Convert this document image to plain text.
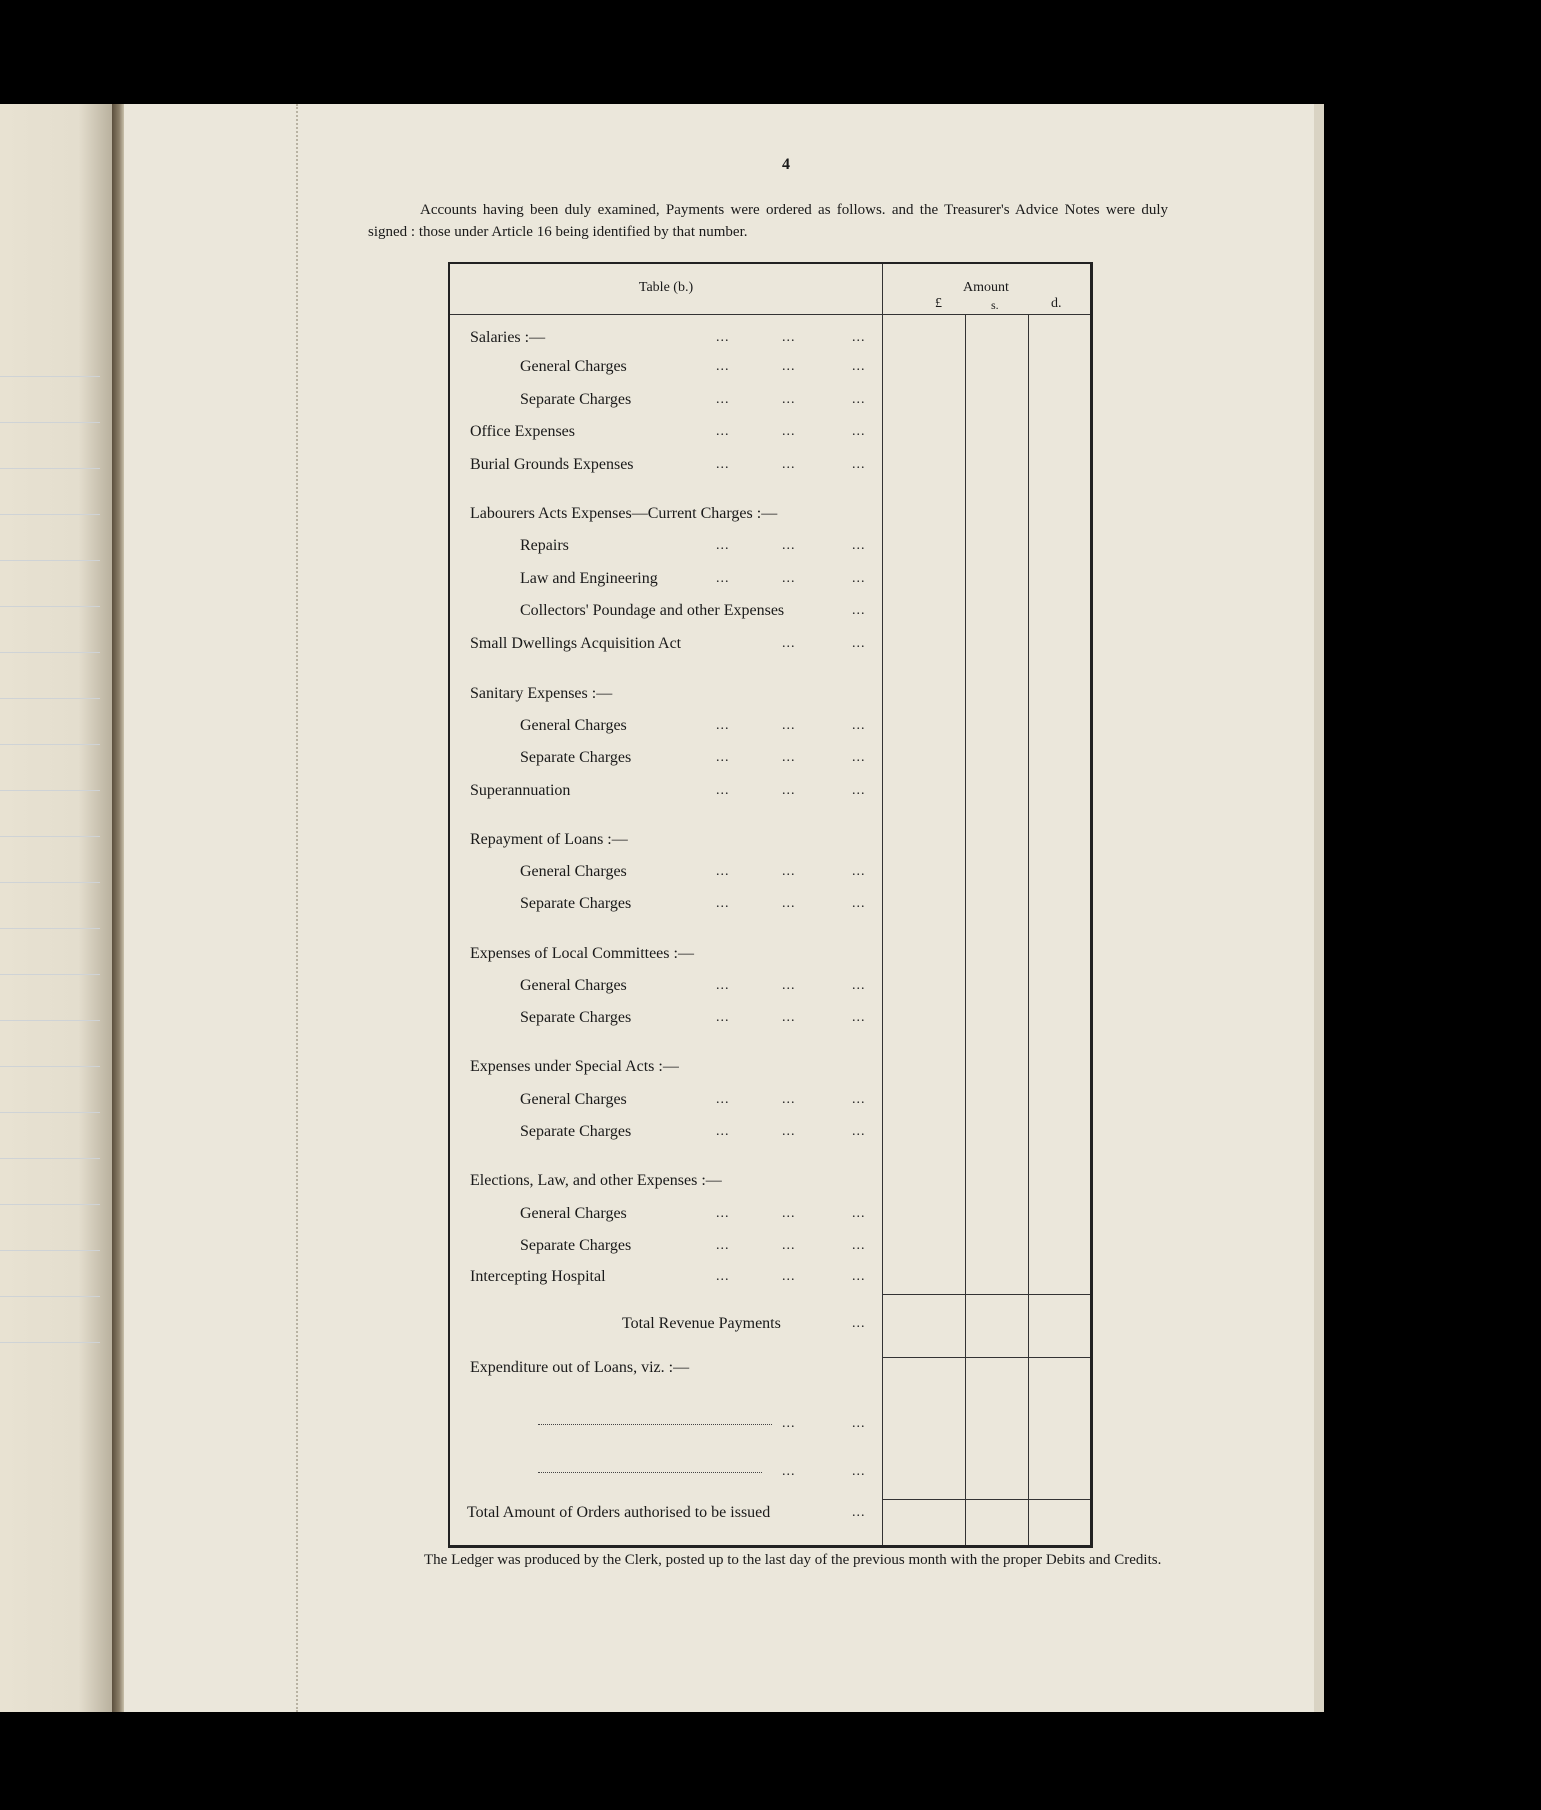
4
Accounts having been duly examined, Payments were ordered as follows. and the Treasurer's Advice Notes were duly signed : those under Article 16 being identified by that number.
Table (b.)	Amount
£	s.	d.
Salaries :—	...	...	...
General Charges	...	...	...
Separate Charges	...	...	...
Office Expenses	...	...	...
Burial Grounds Expenses	...	...	...
Labourers Acts Expenses—Current Charges :—
Repairs	...	...	...
Law and Engineering	...	...	...
Collectors' Poundage and other Expenses	...
Small Dwellings Acquisition Act	...	...
Sanitary Expenses :—
General Charges	...	...	...
Separate Charges	...	...	...
Superannuation	...	...	...
Repayment of Loans :—
General Charges	...	...	...
Separate Charges	...	...	...
Expenses of Local Committees :—
General Charges	...	...	...
Separate Charges	...	...	...
Expenses under Special Acts :—
General Charges	...	...	...
Separate Charges	...	...	...
Elections, Law, and other Expenses :—
General Charges	...	...	...
Separate Charges	...	...	...
Intercepting Hospital	...	...	...
Total Revenue Payments	...
Expenditure out of Loans, viz. :—
...	...
...	...
Total Amount of Orders authorised to be issued	...
The Ledger was produced by the Clerk, posted up to the last day of the previous month with the proper Debits and Credits.
